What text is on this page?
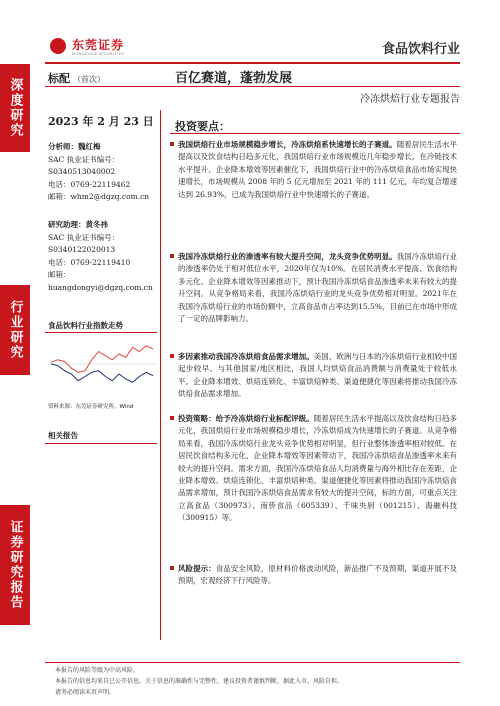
东莞证券
DONGGUAN SECURITIES	食品饮料行业
深度研究
行业研究
证券研究报告
标配 （首次）	百亿赛道，蓬勃发展
冷冻烘焙行业专题报告
2023 年 2 月 23 日
分析师：魏红梅
SAC 执业证书编号：
S0340513040002
电话：0769-22119462
邮箱：whm2@dgzq.com.cn
研究助理：黄冬祎
SAC 执业证书编号：
S0340122020013
电话：0769-22119410
邮箱：
huangdongyi@dgzq.com.cn
食品饮料行业指数走势
资料来源：东莞证券研究所，Wind
相关报告
投资要点：

我国烘焙行业市场规模稳步增长，冷冻烘焙系快速增长的子赛道。随着居民生活水平提高以及饮食结构日趋多元化，我国烘焙行业市场规模近几年稳步增长。在冷链技术水平提升、企业降本增效等因素催化下，我国烘焙行业中的冷冻烘焙食品市场实现快速增长，市场规模从 2008 年的 5 亿元增加至 2021 年的 111 亿元，年均复合增速达到 26.93%，已成为我国烘焙行业中快速增长的子赛道。

我国冷冻烘焙行业的渗透率有较大提升空间，龙头竞争优势明显。我国冷冻烘焙行业的渗透率仍处于相对低位水平，2020年仅为10%。在居民消费水平提高、饮食结构多元化、企业降本增效等因素推动下，预计我国冷冻烘焙食品渗透率未来有较大的提升空间。从竞争格局来看，我国冷冻烘焙行业的龙头竞争优势相对明显。2021年在我国冷冻烘焙行业的市场份额中，立高食品市占率达到15.5%，目前已在市场中形成了一定的品牌影响力。

多因素推动我国冷冻烘焙食品需求增加。美国、欧洲与日本的冷冻烘焙行业相较中国起步较早。与其他国家/地区相比，我国人均烘焙食品消费额与消费量处于较低水平。企业降本增效、烘焙连锁化、丰富烘焙种类、渠道便捷化等因素将推动我国冷冻烘焙食品需求增加。

投资策略：给予冷冻烘焙行业标配评级。随着居民生活水平提高以及饮食结构日趋多元化，我国烘焙行业市场规模稳步增长，冷冻烘焙成为快速增长的子赛道。从竞争格局来看，我国冷冻烘焙行业龙头竞争优势相对明显，但行业整体渗透率相对较低。在居民饮食结构多元化、企业降本增效等因素带动下，我国冷冻烘焙食品渗透率未来有较大的提升空间。需求方面，我国冷冻烘焙食品人均消费量与海外相比存在差距，企业降本增效、烘焙连锁化、丰富烘焙种类、渠道便捷化等因素将推动我国冷冻烘焙食品需求增加，预计我国冷冻烘焙食品需求有较大的提升空间，标的方面，可重点关注立高食品（300973）、南侨食品（605339）、千味央厨（001215）、海融科技（300915）等。

风险提示：食品安全风险，原材料价格波动风险，新品推广不及预期，渠道开展不及预期，宏观经济下行风险等。

本报告的风险等级为中高风险。
本报告的信息均来自已公开信息，关于信息的准确性与完整性，建议投资者谨慎判断，据此入市，风险自担。
请务必阅读末页声明。
